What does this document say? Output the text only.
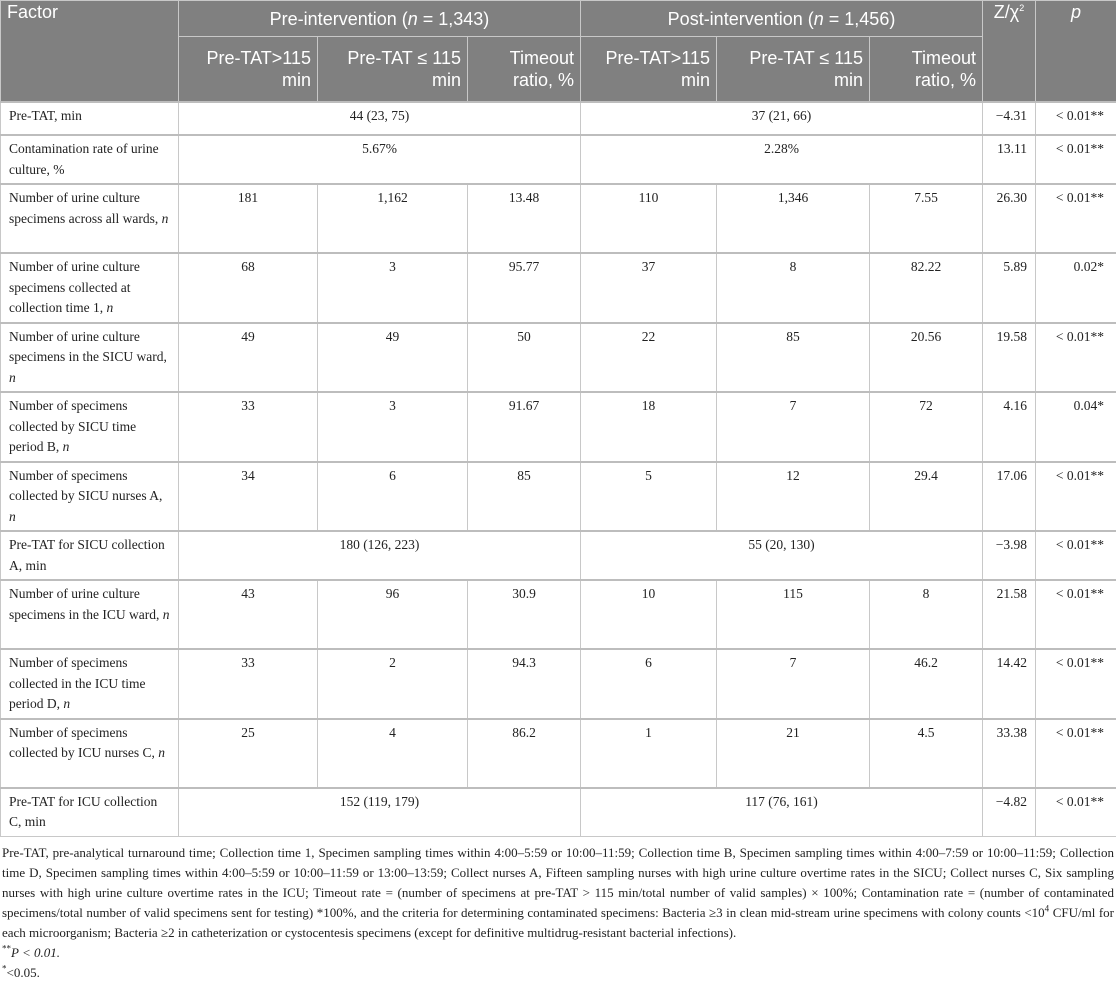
Factor	Pre-intervention (n = 1,343)			Post-intervention (n = 1,456)			$Z/\chi^2$	p
	Pre-TAT>115 min	Pre-TAT ≤ 115 min	Timeout ratio, %	Pre-TAT>115 min	Pre-TAT ≤ 115 min	Timeout ratio, %		
Pre-TAT, min	44 (23, 75)			37 (21, 66)			−4.31	< 0.01**
Contamination rate of urine culture, %	5.67%			2.28%			13.11	< 0.01**
Number of urine culture specimens across all wards, n	181	1,162	13.48	110	1,346	7.55	26.30	< 0.01**
Number of urine culture specimens collected at collection time 1, n	68	3	95.77	37	8	82.22	5.89	0.02*
Number of urine culture specimens in the SICU ward, n	49	49	50	22	85	20.56	19.58	< 0.01**
Number of specimens collected by SICU time period B, n	33	3	91.67	18	7	72	4.16	0.04*
Number of specimens collected by SICU nurses A, n	34	6	85	5	12	29.4	17.06	< 0.01**
Pre-TAT for SICU collection A, min	180 (126, 223)			55 (20, 130)			−3.98	< 0.01**
Number of urine culture specimens in the ICU ward, n	43	96	30.9	10	115	8	21.58	< 0.01**
Number of specimens collected in the ICU time period D, n	33	2	94.3	6	7	46.2	14.42	< 0.01**
Number of specimens collected by ICU nurses C, n	25	4	86.2	1	21	4.5	33.38	< 0.01**
Pre-TAT for ICU collection C, min	152 (119, 179)			117 (76, 161)			−4.82	< 0.01**

Pre-TAT, pre-analytical turnaround time; Collection time 1, Specimen sampling times within 4:00–5:59 or 10:00–11:59; Collection time B, Specimen sampling times within 4:00–7:59 or 10:00–11:59; Collection time D, Specimen sampling times within 4:00–5:59 or 10:00–11:59 or 13:00–13:59; Collect nurses A, Fifteen sampling nurses with high urine culture overtime rates in the SICU; Collect nurses C, Six sampling nurses with high urine culture overtime rates in the ICU; Timeout rate = (number of specimens at pre-TAT > 115 min/total number of valid samples) × 100%; Contamination rate = (number of contaminated specimens/total number of valid specimens sent for testing) *100%, and the criteria for determining contaminated specimens: Bacteria ≥3 in clean mid-stream urine specimens with colony counts $<10^4$ CFU/ml for each microorganism; Bacteria ≥2 in catheterization or cystocentesis specimens (except for definitive multidrug-resistant bacterial infections).

**P < 0.01.

*<0.05.
